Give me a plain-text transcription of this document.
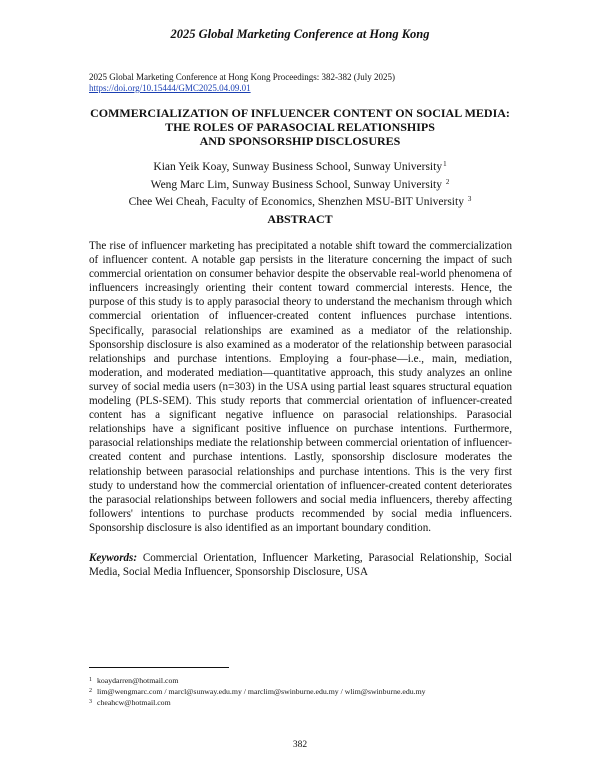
2025 Global Marketing Conference at Hong Kong
2025 Global Marketing Conference at Hong Kong Proceedings: 382-382 (July 2025)
https://doi.org/10.15444/GMC2025.04.09.01
COMMERCIALIZATION OF INFLUENCER CONTENT ON SOCIAL MEDIA:
THE ROLES OF PARASOCIAL RELATIONSHIPS
AND SPONSORSHIP DISCLOSURES
Kian Yeik Koay, Sunway Business School, Sunway University$^1$
Weng Marc Lim, Sunway Business School, Sunway University $^2$
Chee Wei Cheah, Faculty of Economics, Shenzhen MSU-BIT University $^3$
ABSTRACT
The rise of influencer marketing has precipitated a notable shift toward the commercialization of influencer content. A notable gap persists in the literature concerning the impact of such commercial orientation on consumer behavior despite the observable real-world phenomena of influencers increasingly orienting their content toward commercial interests. Hence, the purpose of this study is to apply parasocial theory to understand the mechanism through which commercial orientation of influencer-created content influences purchase intentions. Specifically, parasocial relationships are examined as a mediator of the relationship. Sponsorship disclosure is also examined as a moderator of the relationship between parasocial relationships and purchase intentions. Employing a four-phase—i.e., main, mediation, moderation, and moderated mediation—quantitative approach, this study analyzes an online survey of social media users (n=303) in the USA using partial least squares structural equation modeling (PLS-SEM). This study reports that commercial orientation of influencer-created content has a significant negative influence on parasocial relationships. Parasocial relationships have a significant positive influence on purchase intentions. Furthermore, parasocial relationships mediate the relationship between commercial orientation of influencer-created content and purchase intentions. Lastly, sponsorship disclosure moderates the relationship between parasocial relationships and purchase intentions. This is the very first study to understand how the commercial orientation of influencer-created content deteriorates the parasocial relationships between followers and social media influencers, thereby affecting followers' intentions to purchase products recommended by social media influencers. Sponsorship disclosure is also identified as an important boundary condition.
Keywords: Commercial Orientation, Influencer Marketing, Parasocial Relationship, Social Media, Social Media Influencer, Sponsorship Disclosure, USA
1 koaydarren@hotmail.com
2 lim@wengmarc.com / marcl@sunway.edu.my / marclim@swinburne.edu.my / wlim@swinburne.edu.my
3 cheahcw@hotmail.com
382
